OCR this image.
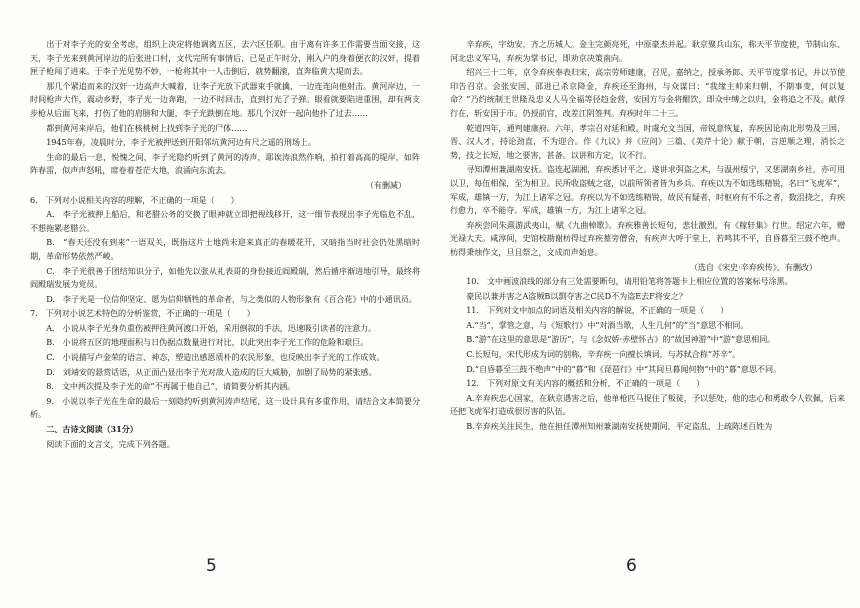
出于对李子光的安全考虑，组织上决定将他调离五区，去六区任职。由于离有许多工作需要当面交接，这天，李子光来到黄河岸边的后张进口村，文代完所有事情后，已是正午时分，刚入户的身着便衣的汉奸，提着匣子枪闯了进来。于李子光见势不妙，一枪将其中一人击倒后，就势翻滚，直奔临黄大堤而去。

那几个紧追而来的汉奸一边高声大喊着，让李子光放下武器束手就擒，一边连连向他射击。黄河岸边，一时间枪声大作，震动乡野，李子光一边奔跑，一边不时回击，直到打光了子弹。眼看就要陷进重围，却有两支步枪从后面飞来，打伤了他的肩膀和大腿，李子光跌倒在地。那几个汉奸一起向他扑了过去……

都到黄河来岸后，他们在核桃树上找到李子光的尸体……

1945年春，凌晨时分，李子光被押送到开阳邻坑黄河边有尺之遥的刑场上。

生命的最后一息，悦愧之间，李子光隐约听到了黄河的涛声，耶诶涛浪然作响，拍打着高高的堤岸，如阵阵春雷，似声声怒吼，席卷着苍茫大地，浪涌向东流去。

（有删减）

6.　下列对小说相关内容的理解，不正确的一项是（　　）

A.　李子光被押上船后，和老腊公务的交换了眼神就立即把视线移开，这一细节表现出李子光临危不乱，不想拖累老腊公。

B.　“春天还没有到来”一语双关，既指这片土地尚未迎来真正的春暖花开，又暗指当时社会仍处黑暗时期，革命形势依然严峻。

C.　李子光很善于团结知识分子，如他先以张从礼表哥的身份接近阎殿瑞，然后循序渐进地引导，最终将阎殿瑞发展为党员。

D.　李子光是一位信仰坚定、愿为信仰牺牲的革命者，与之类似的人物形象有《百合花》中的小通讯员。

7.　下列对小说艺术特色的分析鉴赏，不正确的一项是（　　）

A.　小说从李子光身负重伤被押往黄河渡口开始，采用倒叙的手法，迅速吸引读者的注意力。

B.　小说将五区的地理面积与日伪据点数量进行对比，以此突出李子光工作的危险和艰巨。

C.　小说描写卢金荣的语言、神态，塑造出感恩质朴的农民形象，也反映出李子光的工作成效。

D.　刘靖安的悬赏话语，从正面凸显出李子光对敌人造成的巨大威胁，加剧了局势的紧张感。

8.　文中两次提及李子光的命“不再属于他自己”，请简要分析其内涵。

9.　小说以李子光在生命的最后一刻隐约听到黄河涛声结尾，这一设计具有多重作用，请结合文本简要分析。

二、古诗文阅读（31分）

阅读下面的文言文，完成下列各题。

辛弃疾，字幼安，齐之历城人。金主完颜亮死，中原豪杰并起。耿京聚兵山东，称天平节度使，节制山东、河北忠义军马，弃疾为掌书记，即劝京决策南向。

绍兴三十二年，京令弃疾奉表归宋，高宗劳师建康，召见，嘉纳之，授承务郎、天平节度掌书记，并以节使印告召京。会张安国、邵进已杀京降金，弃疾还至海州，与众谋曰：“我缘主帅来归朝，不期事变，何以复命？”乃约统制王世隆及忠义人马全福等径趋金营，安国方与金将酣饮，即众中缚之以归，金将追之不及。献俘行在，斩安国于市。仍授前官，改差江阴签判。弃疾时年二十三。

乾道四年，通判建康府。六年，孝宗召对延和殿。时虞允文当国，帝锐意恢复，弃疾因论南北形势及三国、晋、汉人才，持论劲直，不为迎合。作《九议》并《应问》三篇、《美芹十论》献于朝，言逆顺之理，消长之势，技之长短，地之要害，甚备。以讲和方定，议不行。

寻知潭州兼湖南安抚。盗连起湖湘，弃疾悉讨平之。遂讲求弭盗之术，与温州绥宁，又惩湖南乡社，亦可用以卫，每伍相保，至为相卫。民所收盗贼之寇，以前所领者皆为乡兵。弃疾以为不如选练精锐，名曰“飞虎军”，军成，雄镇一方，为江上诸军之冠。弃疾以为不如选练精锐，故民有疑者，时枢府有不乐之者，数沮挠之，弃疾行愈力，卒不能夺。军成，雄镇一方，为江上诸军之冠。

弃疾尝同朱熹游武夷山，赋《九曲棹歌》。弃疾雅善长短句，悲壮激烈，有《稼轩集》行世。绍定六年，赠光禄大夫。咸淳间，史馆校勘谢枋得过弃疾墓旁僧舍，有疾声大呼于堂上，若鸣其不平，自昏暮至三鼓不绝声。枋得秉烛作文，旦且祭之，文成而声始息。

（选自《宋史·辛弃疾传》，有删改）

10.　文中画波浪线的部分有三处需要断句，请用铅笔将答题卡上相应位置的答案标号涂黑。

豪民以兼并害之A盗贼B以剽夺害之C民D不为盗E去F将安之？

11.　下列对文中加点的词语及相关内容的解说，不正确的一项是（　　）

A.“当”，掌管之意，与《短歌行》中“对酒当歌，人生几何”的“当”意思不相同。

B.“游”在这里的意思是“游历”，与《念奴娇·赤壁怀古》的“故国神游”中“游”意思相同。

C.长短句，宋代形成为词的别称，辛弃疾一向擅长填词，与苏轼合称“苏辛”。

D.“自昏暮至三鼓不绝声”中的“暮”和《琵琶行》中“其间旦暮闻何物”中的“暮”意思不同。

12.　下列对原文有关内容的概括和分析，不正确的一项是（　　）

A.辛弃疾忠心国家，在耿京遇害之后，他单枪匹马捉住了叛徒，予以惩处，他的忠心和勇敢令人钦佩，后来还把飞虎军打造成很厉害的队伍。

B.辛弃疾关注民生，他在担任潭州知州兼湖南安抚使期间，平定盗乱，上疏陈述百姓为

5	6
